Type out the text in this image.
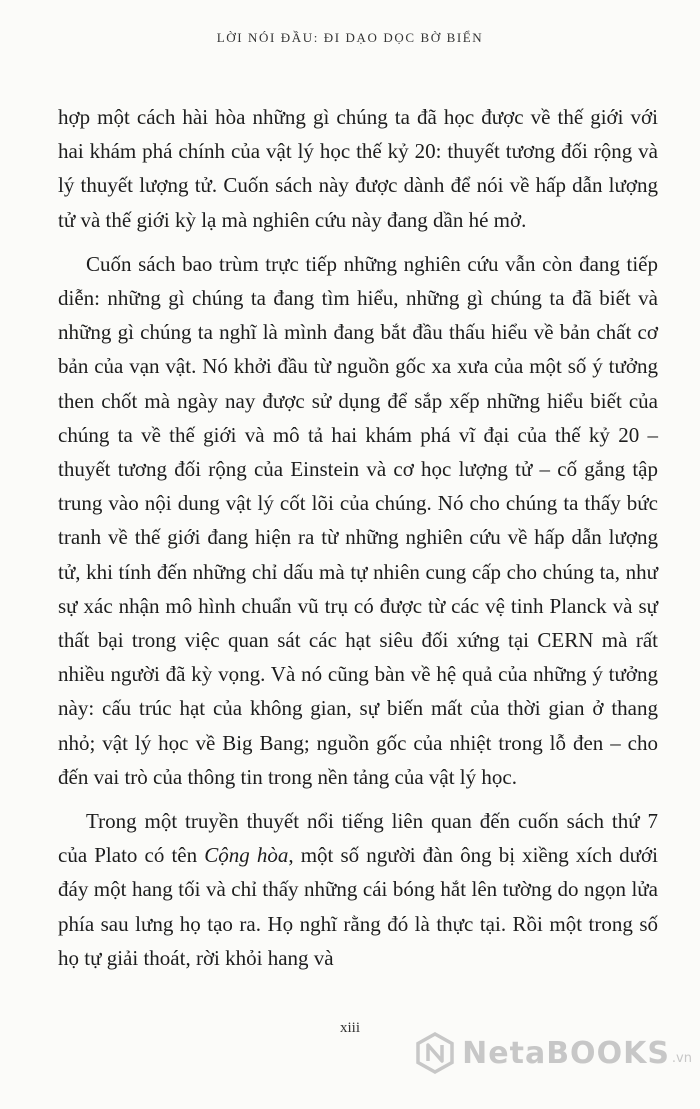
LỜI NÓI ĐẦU: ĐI DẠO DỌC BỜ BIỂN

hợp một cách hài hòa những gì chúng ta đã học được về thế giới với hai khám phá chính của vật lý học thế kỷ 20: thuyết tương đối rộng và lý thuyết lượng tử. Cuốn sách này được dành để nói về hấp dẫn lượng tử và thế giới kỳ lạ mà nghiên cứu này đang dần hé mở.

Cuốn sách bao trùm trực tiếp những nghiên cứu vẫn còn đang tiếp diễn: những gì chúng ta đang tìm hiểu, những gì chúng ta đã biết và những gì chúng ta nghĩ là mình đang bắt đầu thấu hiểu về bản chất cơ bản của vạn vật. Nó khởi đầu từ nguồn gốc xa xưa của một số ý tưởng then chốt mà ngày nay được sử dụng để sắp xếp những hiểu biết của chúng ta về thế giới và mô tả hai khám phá vĩ đại của thế kỷ 20 – thuyết tương đối rộng của Einstein và cơ học lượng tử – cố gắng tập trung vào nội dung vật lý cốt lõi của chúng. Nó cho chúng ta thấy bức tranh về thế giới đang hiện ra từ những nghiên cứu về hấp dẫn lượng tử, khi tính đến những chỉ dấu mà tự nhiên cung cấp cho chúng ta, như sự xác nhận mô hình chuẩn vũ trụ có được từ các vệ tinh Planck và sự thất bại trong việc quan sát các hạt siêu đối xứng tại CERN mà rất nhiều người đã kỳ vọng. Và nó cũng bàn về hệ quả của những ý tưởng này: cấu trúc hạt của không gian, sự biến mất của thời gian ở thang nhỏ; vật lý học về Big Bang; nguồn gốc của nhiệt trong lỗ đen – cho đến vai trò của thông tin trong nền tảng của vật lý học.

Trong một truyền thuyết nổi tiếng liên quan đến cuốn sách thứ 7 của Plato có tên Cộng hòa, một số người đàn ông bị xiềng xích dưới đáy một hang tối và chỉ thấy những cái bóng hắt lên tường do ngọn lửa phía sau lưng họ tạo ra. Họ nghĩ rằng đó là thực tại. Rồi một trong số họ tự giải thoát, rời khỏi hang và

xiii
NetaBOOKS .vn
